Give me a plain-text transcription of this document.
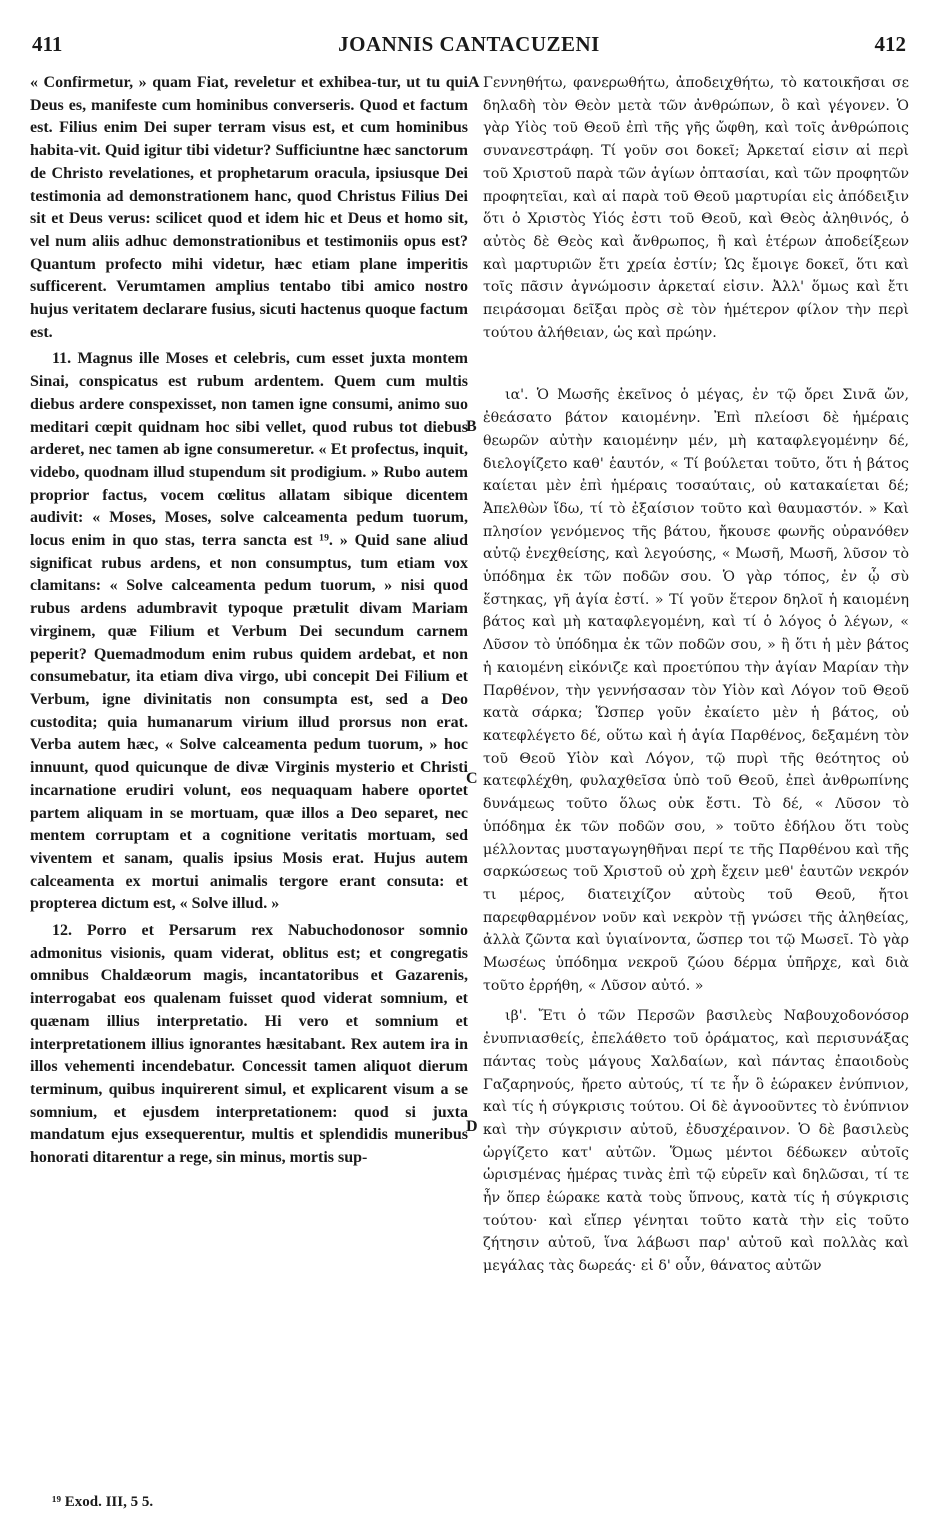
411	JOANNIS CANTACUZENI	412

« Confirmetur, » quam Fiat, reveletur et exhibea-tur, ut tu qui Deus es, manifeste cum hominibus converseris. Quod et factum est. Filius enim Dei super terram visus est, et cum hominibus habita-vit. Quid igitur tibi videtur? Sufficiuntne hæc sanctorum de Christo revelationes, et prophetarum oracula, ipsiusque Dei testimonia ad demonstrationem hanc, quod Christus Filius Dei sit et Deus verus: scilicet quod et idem hic et Deus et homo sit, vel num aliis adhuc demonstrationibus et testimoniis opus est? Quantum profecto mihi videtur, hæc etiam plane imperitis sufficerent. Verumtamen amplius tentabo tibi amico nostro hujus veritatem declarare fusius, sicuti hactenus quoque factum est.

11. Magnus ille Moses et celebris, cum esset juxta montem Sinai, conspicatus est rubum ardentem. Quem cum multis diebus ardere conspexisset, non tamen igne consumi, animo suo meditari cœpit quidnam hoc sibi vellet, quod rubus tot diebus arderet, nec tamen ab igne consumeretur. « Et profectus, inquit, videbo, quodnam illud stupendum sit prodigium. » Rubo autem proprior factus, vocem cœlitus allatam sibique dicentem audivit: « Moses, Moses, solve calceamenta pedum tuorum, locus enim in quo stas, terra sancta est ¹⁹. » Quid sane aliud significat rubus ardens, et non consumptus, tum etiam vox clamitans: « Solve calceamenta pedum tuorum, » nisi quod rubus ardens adumbravit typoque prætulit divam Mariam virginem, quæ Filium et Verbum Dei secundum carnem peperit? Quemadmodum enim rubus quidem ardebat, et non consumebatur, ita etiam diva virgo, ubi concepit Dei Filium et Verbum, igne divinitatis non consumpta est, sed a Deo custodita; quia humanarum virium illud prorsus non erat. Verba autem hæc, « Solve calceamenta pedum tuorum, » hoc innuunt, quod quicunque de divæ Virginis mysterio et Christi incarnatione erudiri volunt, eos nequaquam habere oportet partem aliquam in se mortuam, quæ illos a Deo separet, nec mentem corruptam et a cognitione veritatis mortuam, sed viventem et sanam, qualis ipsius Mosis erat. Hujus autem calceamenta ex mortui animalis tergore erant consuta: et propterea dictum est, « Solve illud. »

12. Porro et Persarum rex Nabuchodonosor somnio admonitus visionis, quam viderat, oblitus est; et congregatis omnibus Chaldæorum magis, incantatoribus et Gazarenis, interrogabat eos qualenam fuisset quod viderat somnium, et quænam illius interpretatio. Hi vero et somnium et interpretationem illius ignorantes hæsitabant. Rex autem ira in illos vehementi incendebatur. Concessit tamen aliquot dierum terminum, quibus inquirerent simul, et explicarent visum a se somnium, et ejusdem interpretationem: quod si juxta mandatum ejus exsequerentur, multis et splendidis muneribus honorati ditarentur a rege, sin minus, mortis sup-

A
B
C
D

Γεννηθήτω, φανερωθήτω, ἀποδειχθήτω, τὸ κατοικῆσαι σε δηλαδὴ τὸν Θεὸν μετὰ τῶν ἀνθρώπων, ὃ καὶ γέγονεν. Ὁ γὰρ Υἱὸς τοῦ Θεοῦ ἐπὶ τῆς γῆς ὤφθη, καὶ τοῖς ἀνθρώποις συνανεστράφη. Τί γοῦν σοι δοκεῖ; Ἀρκεταί εἰσιν αἱ περὶ τοῦ Χριστοῦ παρὰ τῶν ἁγίων ὀπτασίαι, καὶ τῶν προφητῶν προφητεῖαι, καὶ αἱ παρὰ τοῦ Θεοῦ μαρτυρίαι εἰς ἀπόδειξιν ὅτι ὁ Χριστὸς Υἱός ἐστι τοῦ Θεοῦ, καὶ Θεὸς ἀληθινός, ὁ αὐτὸς δὲ Θεὸς καὶ ἄνθρωπος, ἢ καὶ ἑτέρων ἀποδείξεων καὶ μαρτυριῶν ἔτι χρεία ἐστίν; Ὡς ἔμοιγε δοκεῖ, ὅτι καὶ τοῖς πᾶσιν ἀγνώμοσιν ἀρκεταί εἰσιν. Ἀλλ' ὅμως καὶ ἔτι πειράσομαι δεῖξαι πρὸς σὲ τὸν ἡμέτερον φίλον τὴν περὶ τούτου ἀλήθειαν, ὡς καὶ πρώην.

ια'. Ὁ Μωσῆς ἐκεῖνος ὁ μέγας, ἐν τῷ ὄρει Σινᾶ ὤν, ἐθεάσατο βάτον καιομένην. Ἐπὶ πλείοσι δὲ ἡμέραις θεωρῶν αὐτὴν καιομένην μέν, μὴ καταφλεγομένην δέ, διελογίζετο καθ' ἑαυτόν, « Τί βούλεται τοῦτο, ὅτι ἡ βάτος καίεται μὲν ἐπὶ ἡμέραις τοσαύταις, οὐ κατακαίεται δέ; Ἀπελθὼν ἴδω, τί τὸ ἐξαίσιον τοῦτο καὶ θαυμαστόν. » Καὶ πλησίον γενόμενος τῆς βάτου, ἤκουσε φωνῆς οὐρανόθεν αὐτῷ ἐνεχθείσης, καὶ λεγούσης, « Μωσῆ, Μωσῆ, λῦσον τὸ ὑπόδημα ἐκ τῶν ποδῶν σου. Ὁ γὰρ τόπος, ἐν ᾧ σὺ ἕστηκας, γῆ ἁγία ἐστί. » Τί γοῦν ἕτερον δηλοῖ ἡ καιομένη βάτος καὶ μὴ καταφλεγομένη, καὶ τί ὁ λόγος ὁ λέγων, « Λῦσον τὸ ὑπόδημα ἐκ τῶν ποδῶν σου, » ἢ ὅτι ἡ μὲν βάτος ἡ καιομένη εἰκόνιζε καὶ προετύπου τὴν ἁγίαν Μαρίαν τὴν Παρθένον, τὴν γεννήσασαν τὸν Υἱὸν καὶ Λόγον τοῦ Θεοῦ κατὰ σάρκα; Ὥσπερ γοῦν ἐκαίετο μὲν ἡ βάτος, οὐ κατεφλέγετο δέ, οὕτω καὶ ἡ ἁγία Παρθένος, δεξαμένη τὸν τοῦ Θεοῦ Υἱὸν καὶ Λόγον, τῷ πυρὶ τῆς θεότητος οὐ κατεφλέχθη, φυλαχθεῖσα ὑπὸ τοῦ Θεοῦ, ἐπεὶ ἀνθρωπίνης δυνάμεως τοῦτο ὅλως οὐκ ἔστι. Τὸ δέ, « Λῦσον τὸ ὑπόδημα ἐκ τῶν ποδῶν σου, » τοῦτο ἐδήλου ὅτι τοὺς μέλλοντας μυσταγωγηθῆναι περί τε τῆς Παρθένου καὶ τῆς σαρκώσεως τοῦ Χριστοῦ οὐ χρὴ ἔχειν μεθ' ἑαυτῶν νεκρόν τι μέρος, διατειχίζον αὐτοὺς τοῦ Θεοῦ, ἤτοι παρεφθαρμένον νοῦν καὶ νεκρὸν τῇ γνώσει τῆς ἀληθείας, ἀλλὰ ζῶντα καὶ ὑγιαίνοντα, ὥσπερ τοι τῷ Μωσεῖ. Τὸ γὰρ Μωσέως ὑπόδημα νεκροῦ ζώου δέρμα ὑπῆρχε, καὶ διὰ τοῦτο ἐρρήθη, « Λῦσον αὐτό. »

ιβ'. Ἔτι ὁ τῶν Περσῶν βασιλεὺς Ναβουχοδονόσορ ἐνυπνιασθείς, ἐπελάθετο τοῦ ὁράματος, καὶ περισυνάξας πάντας τοὺς μάγους Χαλδαίων, καὶ πάντας ἐπαοιδοὺς Γαζαρηνούς, ἤρετο αὐτούς, τί τε ἦν ὃ ἑώρακεν ἐνύπνιον, καὶ τίς ἡ σύγκρισις τούτου. Οἱ δὲ ἀγνοοῦντες τὸ ἐνύπνιον καὶ τὴν σύγκρισιν αὐτοῦ, ἐδυσχέραινον. Ὁ δὲ βασιλεὺς ὠργίζετο κατ' αὐτῶν. Ὅμως μέντοι δέδωκεν αὐτοῖς ὡρισμένας ἡμέρας τινὰς ἐπὶ τῷ εὑρεῖν καὶ δηλῶσαι, τί τε ἦν ὅπερ ἑώρακε κατὰ τοὺς ὕπνους, κατὰ τίς ἡ σύγκρισις τούτου· καὶ εἴπερ γένηται τοῦτο κατὰ τὴν εἰς τοῦτο ζήτησιν αὐτοῦ, ἵνα λάβωσι παρ' αὐτοῦ καὶ πολλὰς καὶ μεγάλας τὰς δωρεάς· εἰ δ' οὖν, θάνατος αὐτῶν

¹⁹ Exod. III, 5 5.
